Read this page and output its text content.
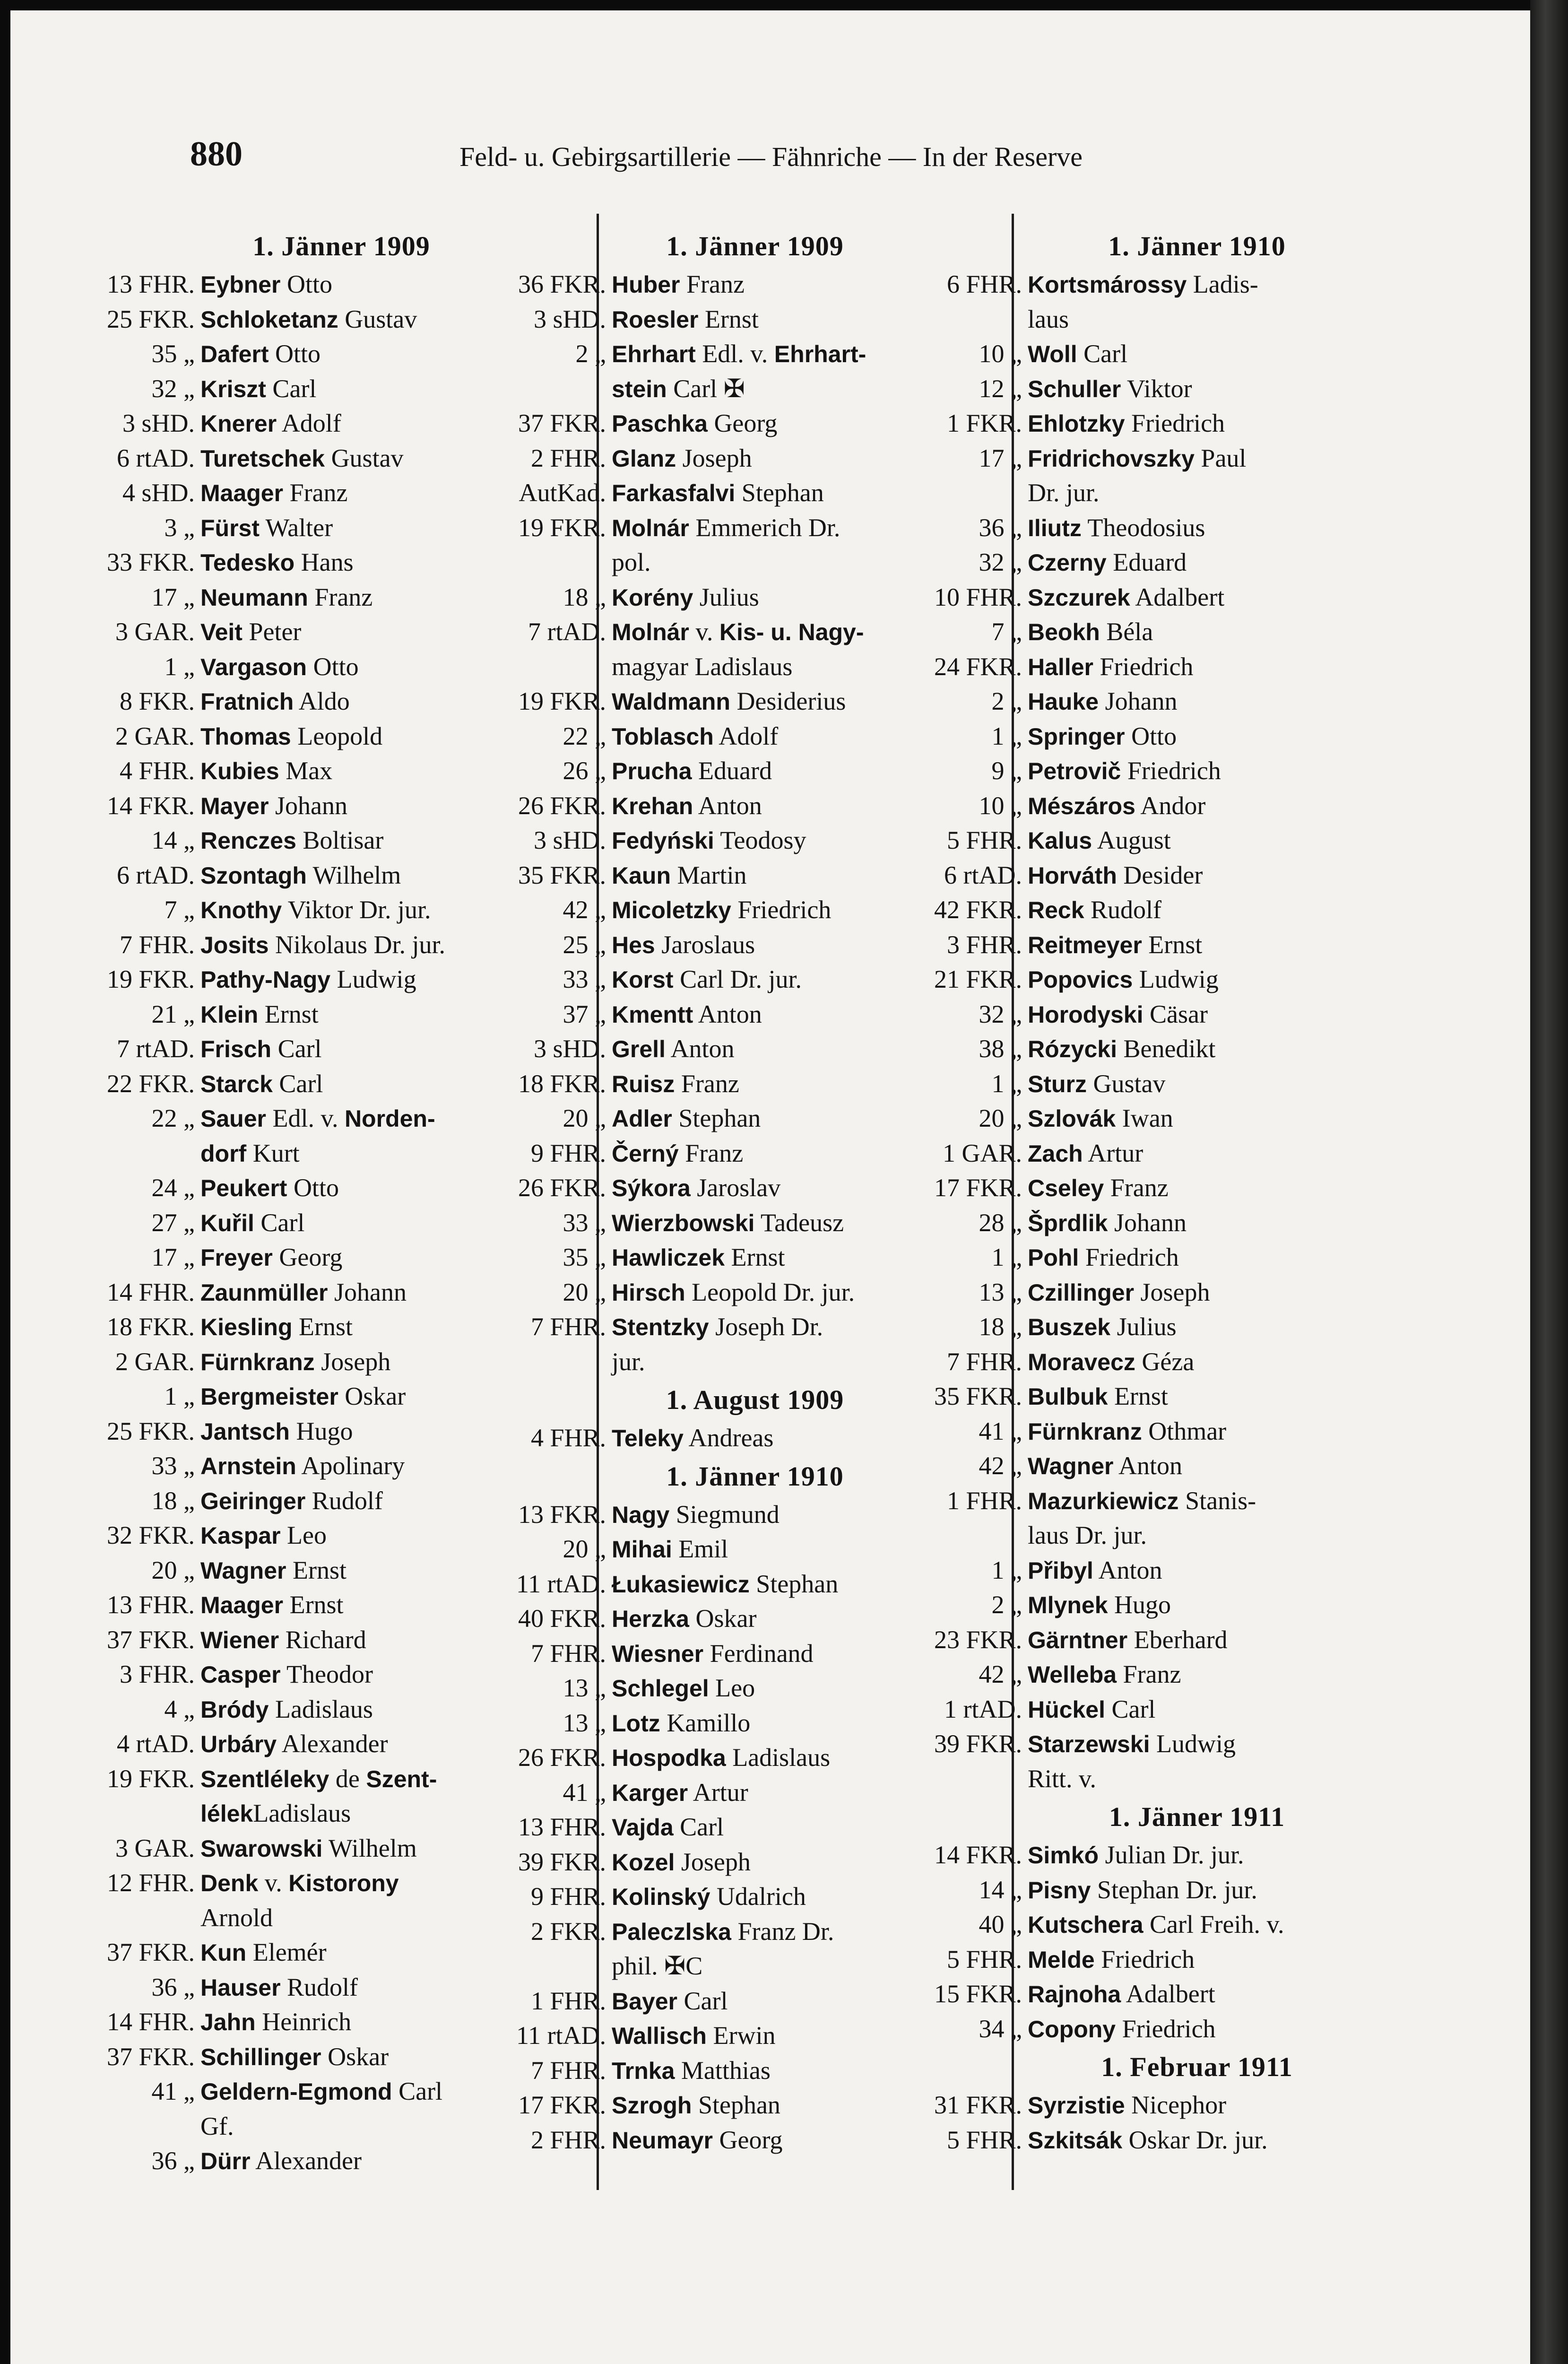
880	Feld- u. Gebirgsartillerie — Fähnriche — In der Reserve
1. Jänner 1909
13 FHR. Eybner Otto
25 FKR. Schloketanz Gustav
35 „ Dafert Otto
32 „ Kriszt Carl
3 sHD. Knerer Adolf
6 rtAD. Turetschek Gustav
4 sHD. Maager Franz
3 „ Fürst Walter
33 FKR. Tedesko Hans
17 „ Neumann Franz
3 GAR. Veit Peter
1 „ Vargason Otto
8 FKR. Fratnich Aldo
2 GAR. Thomas Leopold
4 FHR. Kubies Max
14 FKR. Mayer Johann
14 „ Renczes Boltisar
6 rtAD. Szontagh Wilhelm
7 „ Knothy Viktor Dr. jur.
7 FHR. Josits Nikolaus Dr. jur.
19 FKR. Pathy-Nagy Ludwig
21 „ Klein Ernst
7 rtAD. Frisch Carl
22 FKR. Starck Carl
22 „ Sauer Edl. v. Norden-
dorf Kurt
24 „ Peukert Otto
27 „ Kuřil Carl
17 „ Freyer Georg
14 FHR. Zaunmüller Johann
18 FKR. Kiesling Ernst
2 GAR. Fürnkranz Joseph
1 „ Bergmeister Oskar
25 FKR. Jantsch Hugo
33 „ Arnstein Apolinary
18 „ Geiringer Rudolf
32 FKR. Kaspar Leo
20 „ Wagner Ernst
13 FHR. Maager Ernst
37 FKR. Wiener Richard
3 FHR. Casper Theodor
4 „ Bródy Ladislaus
4 rtAD. Urbáry Alexander
19 FKR. Szentléleky de Szent-
lélekLadislaus
3 GAR. Swarowski Wilhelm
12 FHR. Denk v. Kistorony
Arnold
37 FKR. Kun Elemér
36 „ Hauser Rudolf
14 FHR. Jahn Heinrich
37 FKR. Schillinger Oskar
41 „ Geldern-Egmond Carl
Gf.
36 „ Dürr Alexander
1. Jänner 1909
36 FKR. Huber Franz
3 sHD. Roesler Ernst
2 „ Ehrhart Edl. v. Ehrhart-
stein Carl ✠
37 FKR. Paschka Georg
2 FHR. Glanz Joseph
AutKad. Farkasfalvi Stephan
19 FKR. Molnár Emmerich Dr.
pol.
18 „ Korény Julius
7 rtAD. Molnár v. Kis- u. Nagy-
magyar Ladislaus
19 FKR. Waldmann Desiderius
22 „ Toblasch Adolf
26 „ Prucha Eduard
26 FKR. Krehan Anton
3 sHD. Fedyński Teodosy
35 FKR. Kaun Martin
42 „ Micoletzky Friedrich
25 „ Hes Jaroslaus
33 „ Korst Carl Dr. jur.
37 „ Kmentt Anton
3 sHD. Grell Anton
18 FKR. Ruisz Franz
20 „ Adler Stephan
9 FHR. Černý Franz
26 FKR. Sýkora Jaroslav
33 „ Wierzbowski Tadeusz
35 „ Hawliczek Ernst
20 „ Hirsch Leopold Dr. jur.
7 FHR. Stentzky Joseph Dr.
jur.
1. August 1909
4 FHR. Teleky Andreas
1. Jänner 1910
13 FKR. Nagy Siegmund
20 „ Mihai Emil
11 rtAD. Łukasiewicz Stephan
40 FKR. Herzka Oskar
7 FHR. Wiesner Ferdinand
13 „ Schlegel Leo
13 „ Lotz Kamillo
26 FKR. Hospodka Ladislaus
41 „ Karger Artur
13 FHR. Vajda Carl
39 FKR. Kozel Joseph
9 FHR. Kolinský Udalrich
2 FKR. Paleczlska Franz Dr.
phil. ✠C
1 FHR. Bayer Carl
11 rtAD. Wallisch Erwin
7 FHR. Trnka Matthias
17 FKR. Szrogh Stephan
2 FHR. Neumayr Georg
1. Jänner 1910
6 FHR. Kortsmárossy Ladis-
laus
10 „ Woll Carl
12 „ Schuller Viktor
1 FKR. Ehlotzky Friedrich
17 „ Fridrichovszky Paul
Dr. jur.
36 „ Iliutz Theodosius
32 „ Czerny Eduard
10 FHR. Szczurek Adalbert
7 „ Beokh Béla
24 FKR. Haller Friedrich
2 „ Hauke Johann
1 „ Springer Otto
9 „ Petrovič Friedrich
10 „ Mészáros Andor
5 FHR. Kalus August
6 rtAD. Horváth Desider
42 FKR. Reck Rudolf
3 FHR. Reitmeyer Ernst
21 FKR. Popovics Ludwig
32 „ Horodyski Cäsar
38 „ Rózycki Benedikt
1 „ Sturz Gustav
20 „ Szlovák Iwan
1 GAR. Zach Artur
17 FKR. Cseley Franz
28 „ Šprdlik Johann
1 „ Pohl Friedrich
13 „ Czillinger Joseph
18 „ Buszek Julius
7 FHR. Moravecz Géza
35 FKR. Bulbuk Ernst
41 „ Fürnkranz Othmar
42 „ Wagner Anton
1 FHR. Mazurkiewicz Stanis-
laus Dr. jur.
1 „ Přibyl Anton
2 „ Mlynek Hugo
23 FKR. Gärntner Eberhard
42 „ Welleba Franz
1 rtAD. Hückel Carl
39 FKR. Starzewski Ludwig
Ritt. v.
1. Jänner 1911
14 FKR. Simkó Julian Dr. jur.
14 „ Pisny Stephan Dr. jur.
40 „ Kutschera Carl Freih. v.
5 FHR. Melde Friedrich
15 FKR. Rajnoha Adalbert
34 „ Copony Friedrich
1. Februar 1911
31 FKR. Syrzistie Nicephor
5 FHR. Szkitsák Oskar Dr. jur.
